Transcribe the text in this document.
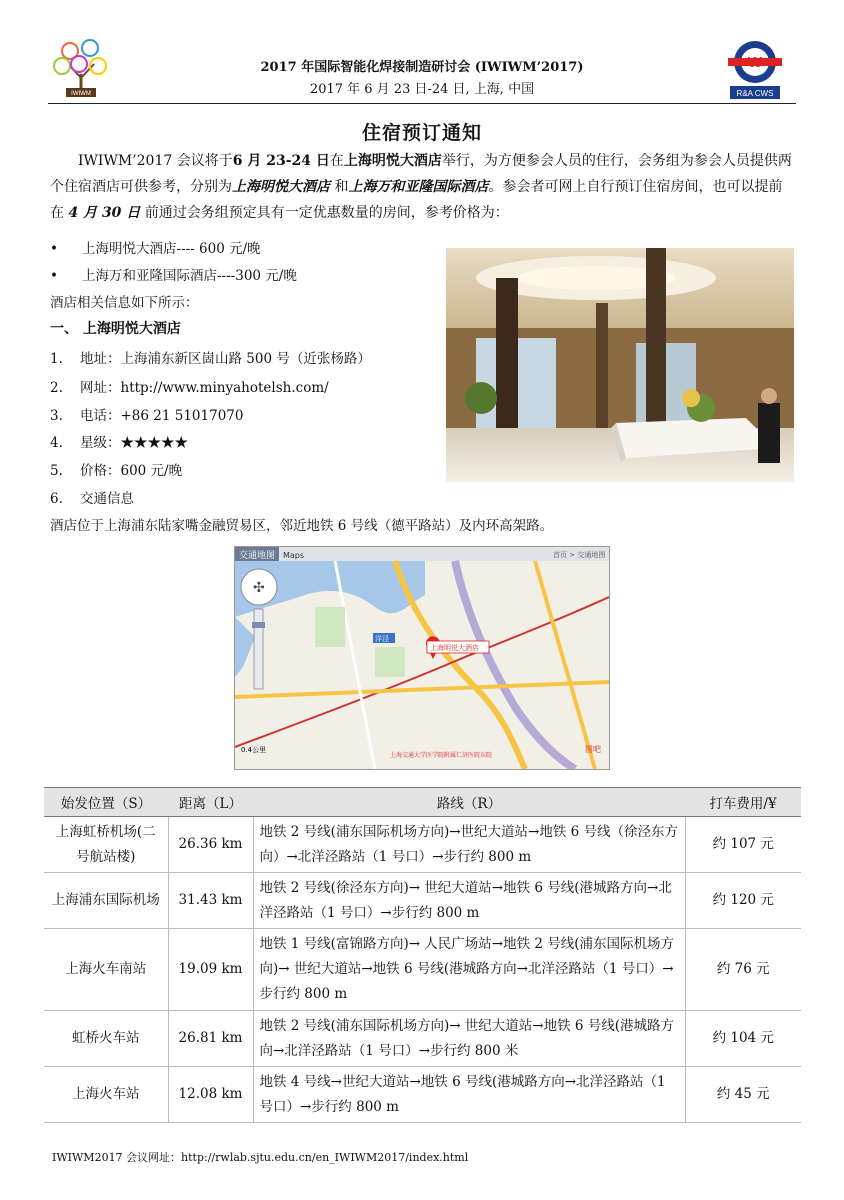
IWIWM
W
R&A CWS
2017 年国际智能化焊接制造研讨会 (IWIWM’2017)
2017 年 6 月 23 日-24 日, 上海, 中国
住宿预订通知
IWIWM’2017 会议将于6 月 23-24 日在上海明悦大酒店举行，为方便参会人员的住行，会务组为参会人员提供两个住宿酒店可供参考，分别为上海明悦大酒店 和上海万和亚隆国际酒店。参会者可网上自行预订住宿房间，也可以提前在 4 月 30 日 前通过会务组预定具有一定优惠数量的房间，参考价格为：
• 上海明悦大酒店---- 600 元/晚
• 上海万和亚隆国际酒店----300 元/晚
酒店相关信息如下所示：
一、 上海明悦大酒店
1. 地址：上海浦东新区崮山路 500 号（近张杨路）
2. 网址：http://www.minyahotelsh.com/
3. 电话：+86 21 51017070
4. 星级：★★★★★
5. 价格：600 元/晚
6. 交通信息
酒店位于上海浦东陆家嘴金融贸易区，邻近地铁 6 号线（德平路站）及内环高架路。
交通地图 Maps	首页 > 交通地图
洋泾
上海明悦大酒店
✣
0.4公里	图吧
上海交通大学医学院附属仁济医院东院
始发位置（S）	距离（L）	路线（R）	打车费用/¥
上海虹桥机场(二号航站楼)	26.36 km	地铁 2 号线(浦东国际机场方向)→世纪大道站→地铁 6 号线（徐泾东方向）→北洋泾路站（1 号口）→步行约 800 m	约 107 元
上海浦东国际机场	31.43 km	地铁 2 号线(徐泾东方向)→ 世纪大道站→地铁 6 号线(港城路方向→北洋泾路站（1 号口）→步行约 800 m	约 120 元
上海火车南站	19.09 km	地铁 1 号线(富锦路方向)→ 人民广场站→地铁 2 号线(浦东国际机场方向)→ 世纪大道站→地铁 6 号线(港城路方向→北洋泾路站（1 号口）→步行约 800 m	约 76 元
虹桥火车站	26.81 km	地铁 2 号线(浦东国际机场方向)→ 世纪大道站→地铁 6 号线(港城路方向→北洋泾路站（1 号口）→步行约 800 米	约 104 元
上海火车站	12.08 km	地铁 4 号线→世纪大道站→地铁 6 号线(港城路方向→北洋泾路站（1 号口）→步行约 800 m	约 45 元
IWIWM2017 会议网址：http://rwlab.sjtu.edu.cn/en_IWIWM2017/index.html
